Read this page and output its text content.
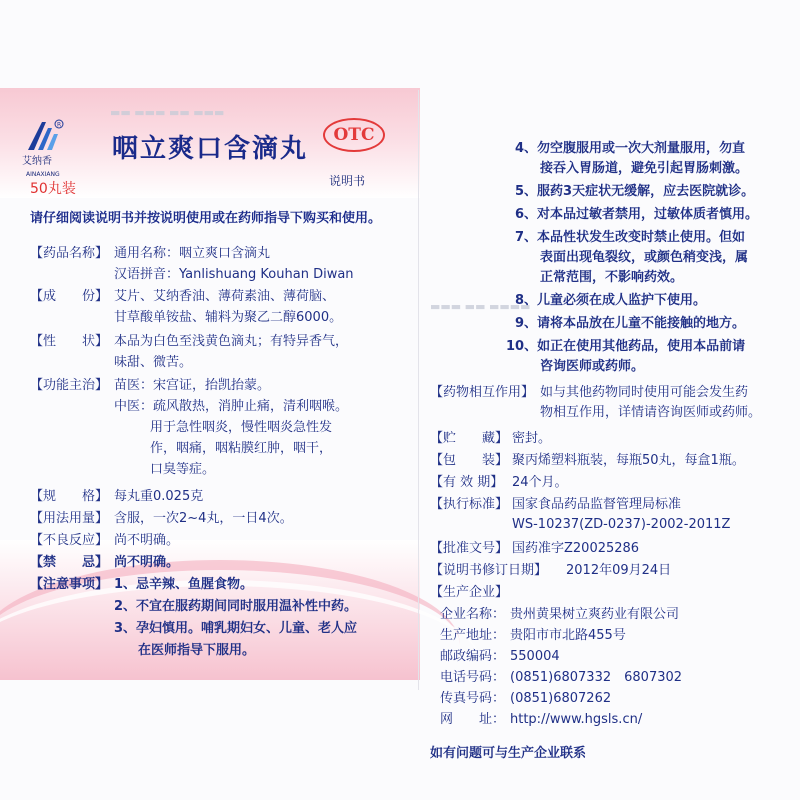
▬▬ ▬▬▬ ▬▬ ▬▬▬
▬▬▬ ▬▬ ▬▬▬▬
R
艾纳香
AINAXIANG
咽立爽口含滴丸	OTC
50丸装	说明书
请仔细阅读说明书并按说明使用或在药师指导下购买和使用。
【药品名称】 通用名称：咽立爽口含滴丸
汉语拼音：Yanlishuang Kouhan Diwan
【成　　份】 艾片、艾纳香油、薄荷素油、薄荷脑、
甘草酸单铵盐、辅料为聚乙二醇6000。
【性　　状】 本品为白色至浅黄色滴丸；有特异香气，
味甜、微苦。
【功能主治】 苗医：宋宫证，抬凯抬蒙。
中医：疏风散热，消肿止痛，清利咽喉。
用于急性咽炎，慢性咽炎急性发
作，咽痛，咽粘膜红肿，咽干，
口臭等症。
【规　　格】 每丸重0.025克
【用法用量】 含服，一次2~4丸，一日4次。
【不良反应】 尚不明确。
【禁　　忌】 尚不明确。
【注意事项】 1、忌辛辣、鱼腥食物。
2、不宜在服药期间同时服用温补性中药。
3、孕妇慎用。哺乳期妇女、儿童、老人应
在医师指导下服用。
4、勿空腹服用或一次大剂量服用，勿直
接吞入胃肠道，避免引起胃肠刺激。
5、服药3天症状无缓解，应去医院就诊。
6、对本品过敏者禁用，过敏体质者慎用。
7、本品性状发生改变时禁止使用。但如
表面出现龟裂纹，或颜色稍变浅，属
正常范围，不影响药效。
8、儿童必须在成人监护下使用。
9、请将本品放在儿童不能接触的地方。
10、如正在使用其他药品，使用本品前请
咨询医师或药师。
【药物相互作用】 如与其他药物同时使用可能会发生药
物相互作用，详情请咨询医师或药师。
【贮　　藏】 密封。
【包　　装】 聚丙烯塑料瓶装，每瓶50丸，每盒1瓶。
【有 效 期】 24个月。
【执行标准】 国家食品药品监督管理局标准
WS-10237(ZD-0237)-2002-2011Z
【批准文号】 国药准字Z20025286
【说明书修订日期】 2012年09月24日
【生产企业】
企业名称： 贵州黄果树立爽药业有限公司
生产地址： 贵阳市市北路455号
邮政编码： 550004
电话号码： (0851)6807332　6807302
传真号码： (0851)6807262
网　　址： http://www.hgsls.cn/
如有问题可与生产企业联系
